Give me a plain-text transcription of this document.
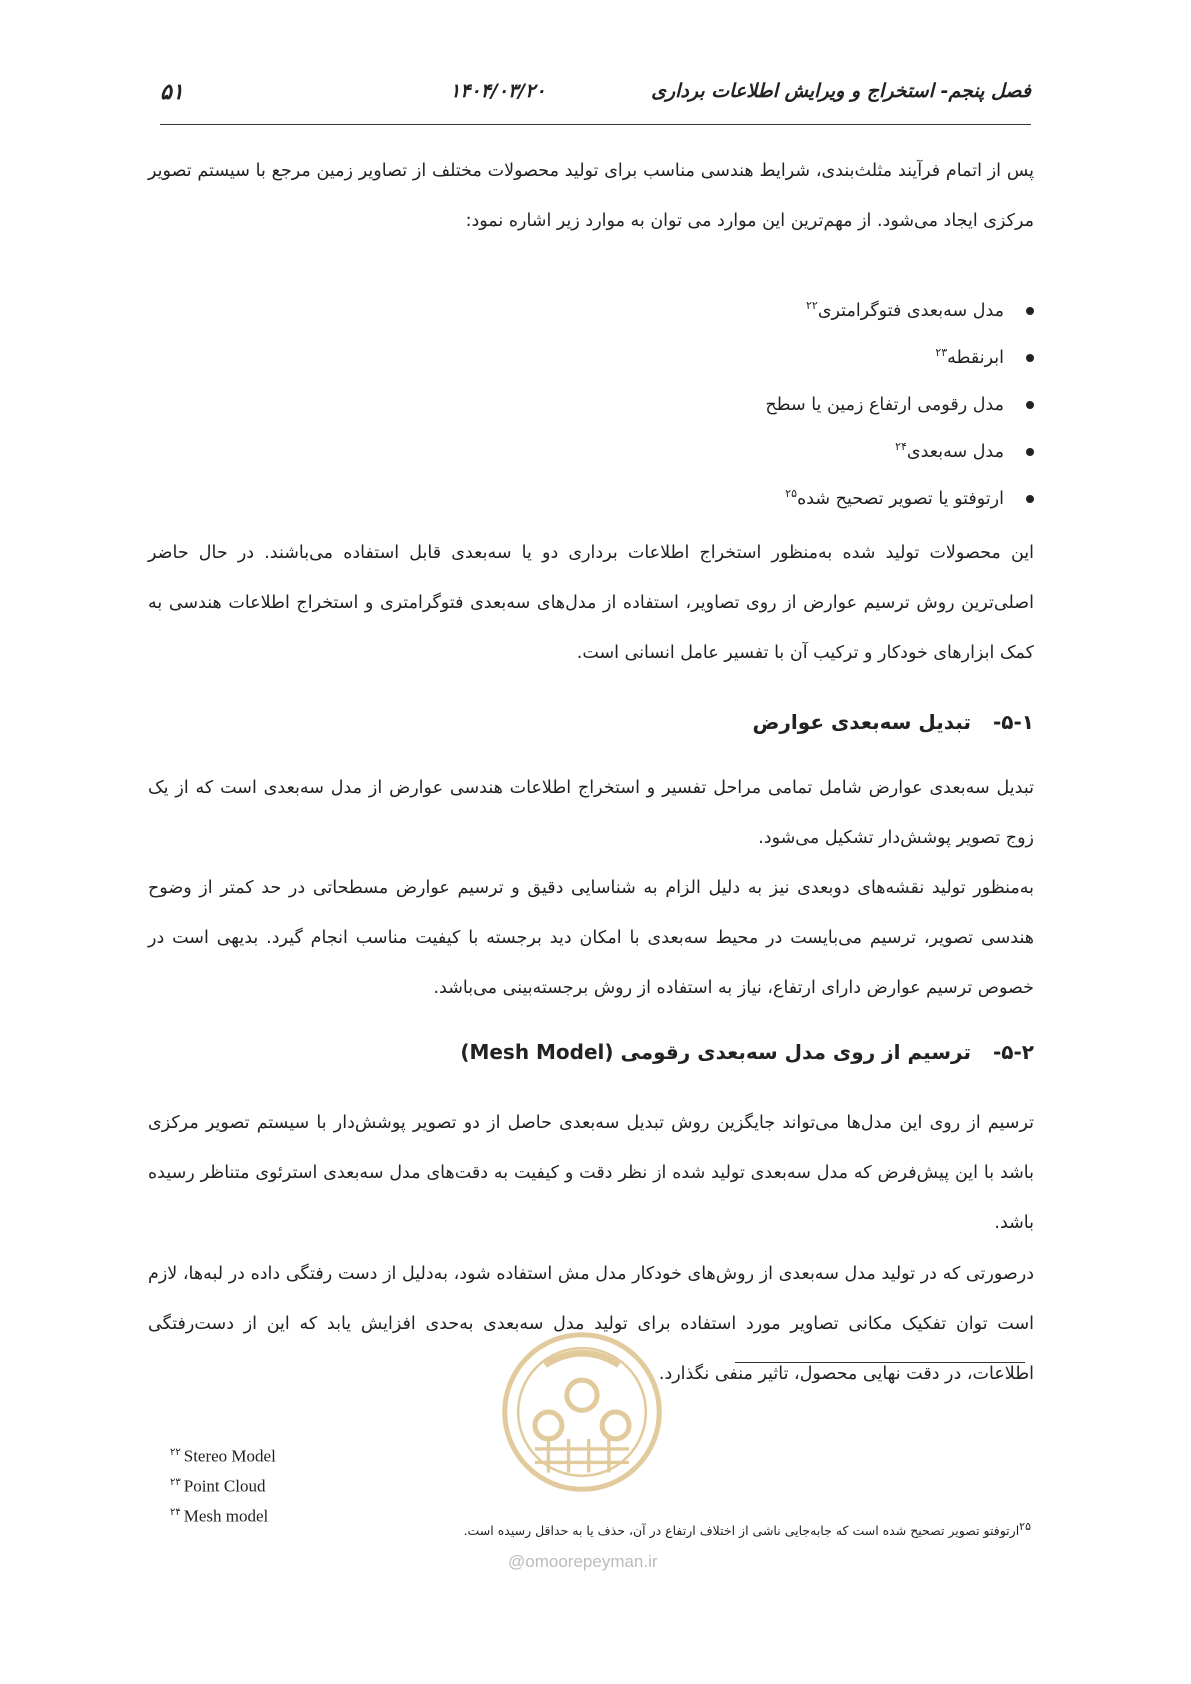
۵۱	۱۴۰۴/۰۳/۲۰	فصل پنجم- استخراج و ویرایش اطلاعات برداری

پس از اتمام فرآیند مثلث‌بندی، شرایط هندسی مناسب برای تولید محصولات مختلف از تصاویر زمین مرجع با سیستم تصویر مرکزی ایجاد می‌شود. از مهم‌ترین این موارد می توان به موارد زیر اشاره نمود:

مدل سه‌بعدی فتوگرامتری$^{۲۲}$
ابرنقطه$^{۲۳}$
مدل رقومی ارتفاع زمین یا سطح
مدل سه‌بعدی$^{۲۴}$
ارتوفتو یا تصویر تصحیح شده$^{۲۵}$

این محصولات تولید شده به‌منظور استخراج اطلاعات برداری دو یا سه‌بعدی قابل استفاده می‌باشند. در حال حاضر اصلی‌ترین روش ترسیم عوارض از روی تصاویر، استفاده از مدل‌های سه‌بعدی فتوگرامتری و استخراج اطلاعات هندسی به کمک ابزارهای خودکار و ترکیب آن با تفسیر عامل انسانی است.

۵-۱-تبدیل سه‌بعدی عوارض

تبدیل سه‌بعدی عوارض شامل تمامی مراحل تفسیر و استخراج اطلاعات هندسی عوارض از مدل سه‌بعدی است که از یک زوج تصویر پوشش‌دار تشکیل می‌شود.

به‌منظور تولید نقشه‌های دوبعدی نیز به دلیل الزام به شناسایی دقیق و ترسیم عوارض مسطحاتی در حد کمتر از وضوح هندسی تصویر، ترسیم می‌بایست در محیط سه‌بعدی با امکان دید برجسته با کیفیت مناسب انجام گیرد. بدیهی است در خصوص ترسیم عوارض دارای ارتفاع، نیاز به استفاده از روش برجسته‌بینی می‌باشد.

۵-۲-ترسیم از روی مدل سه‌بعدی رقومی (Mesh Model)

ترسیم از روی این مدل‌ها می‌تواند جایگزین روش تبدیل سه‌بعدی حاصل از دو تصویر پوشش‌دار با سیستم تصویر مرکزی باشد با این پیش‌فرض که مدل سه‌بعدی تولید شده از نظر دقت و کیفیت به دقت‌های مدل سه‌بعدی استرئوی متناظر رسیده باشد.

درصورتی که در تولید مدل سه‌بعدی از روش‌های خودکار مدل مش استفاده شود، به‌دلیل از دست رفتگی داده در لبه‌ها، لازم است توان تفکیک مکانی تصاویر مورد استفاده برای تولید مدل سه‌بعدی به‌حدی افزایش یابد که این از دست‌رفتگی اطلاعات، در دقت نهایی محصول، تاثیر منفی نگذارد.

$^{۲۲}$ Stereo Model
$^{۲۳}$ Point Cloud
$^{۲۴}$ Mesh model

$^{۲۵}$ارتوفتو تصویر تصحیح شده است که جابه‌جایی ناشی از اختلاف ارتفاع در آن، حذف یا به حداقل رسیده است.

@omoorepeyman.ir
